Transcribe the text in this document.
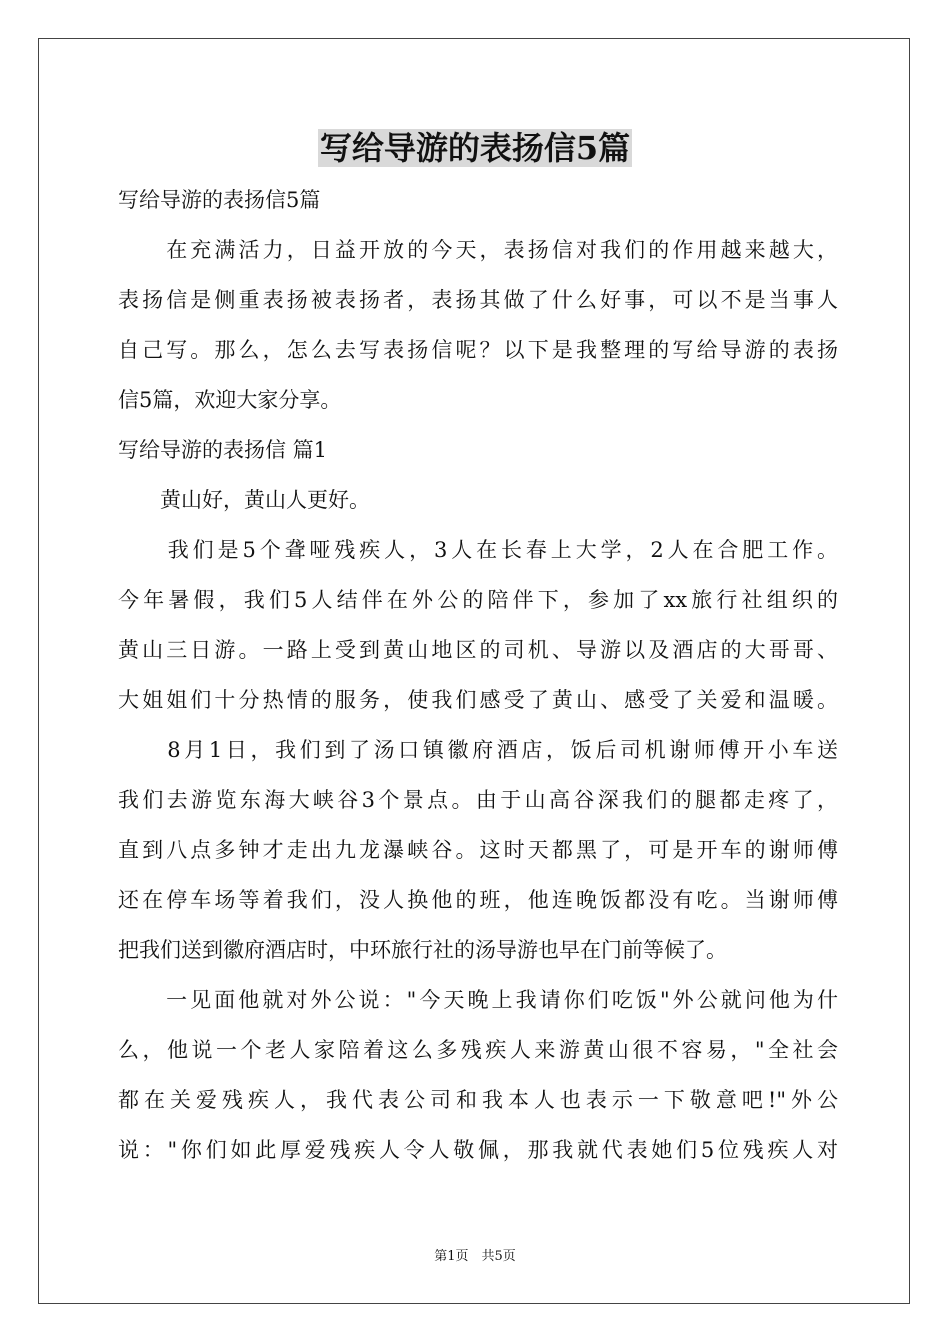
写给导游的表扬信5篇
写给导游的表扬信5篇
　　在充满活力，日益开放的今天，表扬信对我们的作用越来越大，
表扬信是侧重表扬被表扬者，表扬其做了什么好事，可以不是当事人
自己写。那么，怎么去写表扬信呢？以下是我整理的写给导游的表扬
信5篇，欢迎大家分享。
写给导游的表扬信 篇1
　　黄山好，黄山人更好。
　　我们是5个聋哑残疾人，3人在长春上大学，2人在合肥工作。
今年暑假，我们5人结伴在外公的陪伴下，参加了xx旅行社组织的
黄山三日游。一路上受到黄山地区的司机、导游以及酒店的大哥哥、
大姐姐们十分热情的服务，使我们感受了黄山、感受了关爱和温暖。
　　8月1日，我们到了汤口镇徽府酒店，饭后司机谢师傅开小车送
我们去游览东海大峡谷3个景点。由于山高谷深我们的腿都走疼了，
直到八点多钟才走出九龙瀑峡谷。这时天都黑了，可是开车的谢师傅
还在停车场等着我们，没人换他的班，他连晚饭都没有吃。当谢师傅
把我们送到徽府酒店时，中环旅行社的汤导游也早在门前等候了。
　　一见面他就对外公说："今天晚上我请你们吃饭"外公就问他为什
么，他说一个老人家陪着这么多残疾人来游黄山很不容易，"全社会
都在关爱残疾人，我代表公司和我本人也表示一下敬意吧!"外公
说："你们如此厚爱残疾人令人敬佩，那我就代表她们5位残疾人对
第1页　共5页
